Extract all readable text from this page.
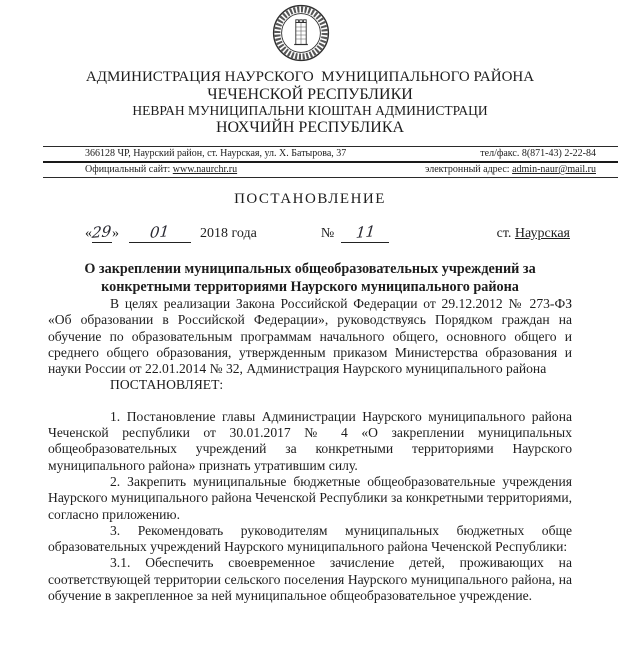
АДМИНИСТРАЦИЯ НАУРСКОГО  МУНИЦИПАЛЬНОГО РАЙОНА

ЧЕЧЕНСКОЙ РЕСПУБЛИКИ

НЕВРАН МУНИЦИПАЛЬНИ КIОШТАН АДМИНИСТРАЦИ

НОХЧИЙН РЕСПУБЛИКА

366128 ЧР, Наурский район, ст. Наурская, ул. Х. Батырова, 37	тел/факс. 8(871-43) 2-22-84
Официальный сайт: www.naurchr.ru	электронный адрес: admin-naur@mail.ru

ПОСТАНОВЛЕНИЕ

«29» 01 2018 года	№ 11	ст. Наурская

О закреплении муниципальных общеобразовательных учреждений за конкретными территориями Наурского муниципального района

В целях реализации Закона Российской Федерации от 29.12.2012 № 273-ФЗ «Об образовании в Российской Федерации», руководствуясь Порядком граждан на обучение по образовательным программам начального общего, основного общего и среднего общего образования, утвержденным приказом Министерства образования и науки России от 22.01.2014 № 32, Администрация Наурского муниципального района

ПОСТАНОВЛЯЕТ:

1. Постановление главы Администрации Наурского муниципального района Чеченской республики от 30.01.2017 № 4 «О закреплении муниципальных общеобразовательных учреждений за конкретными территориями Наурского муниципального района» признать утратившим силу.

2. Закрепить муниципальные бюджетные общеобразовательные учреждения Наурского муниципального района Чеченской Республики за конкретными территориями, согласно приложению.

3. Рекомендовать руководителям муниципальных бюджетных обще образовательных учреждений Наурского муниципального района Чеченской Республики:

3.1. Обеспечить своевременное зачисление детей, проживающих на соответствующей территории сельского поселения Наурского муниципального района, на обучение в закрепленное за ней муниципальное общеобразовательное учреждение.
